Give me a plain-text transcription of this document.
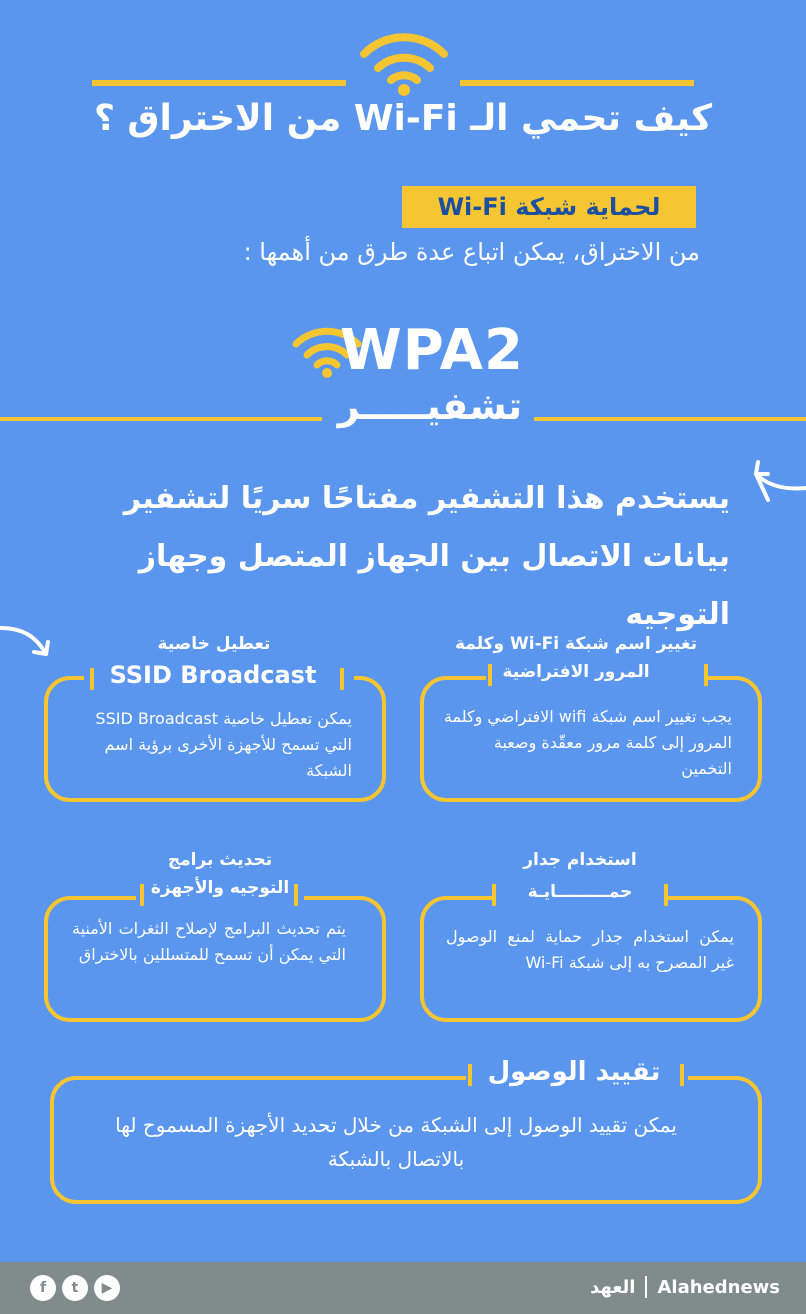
كيف تحمي الـ Wi-Fi من الاختراق ؟
لحماية شبكة Wi-Fi
من الاختراق، يمكن اتباع عدة طرق من أهمها :
WPA2
تشفيـــــر
يستخدم هذا التشفير مفتاحًا سريًا لتشفير بيانات الاتصال بين الجهاز المتصل وجهاز التوجيه
تعطيل خاصية
SSID Broadcast
يمكن تعطيل خاصية SSID Broadcast التي تسمح للأجهزة الأخرى برؤية اسم الشبكة
تغيير اسم شبكة Wi-Fi وكلمة المرور الافتراضية
يجب تغيير اسم شبكة wifi الافتراضي وكلمة المرور إلى كلمة مرور معقّدة وصعبة التخمين
تحديث برامج
التوجيه والأجهزة
يتم تحديث البرامج لإصلاح الثغرات الأمنية التي يمكن أن تسمح للمتسللين بالاختراق
استخدام جدار
حمـــــــــايـة
يمكن استخدام جدار حماية لمنع الوصول غير المصرح به إلى شبكة Wi-Fi
تقييد الوصول
يمكن تقييد الوصول إلى الشبكة من خلال تحديد الأجهزة المسموح لها بالاتصال بالشبكة
f	t	▶	العهد Alahednews
